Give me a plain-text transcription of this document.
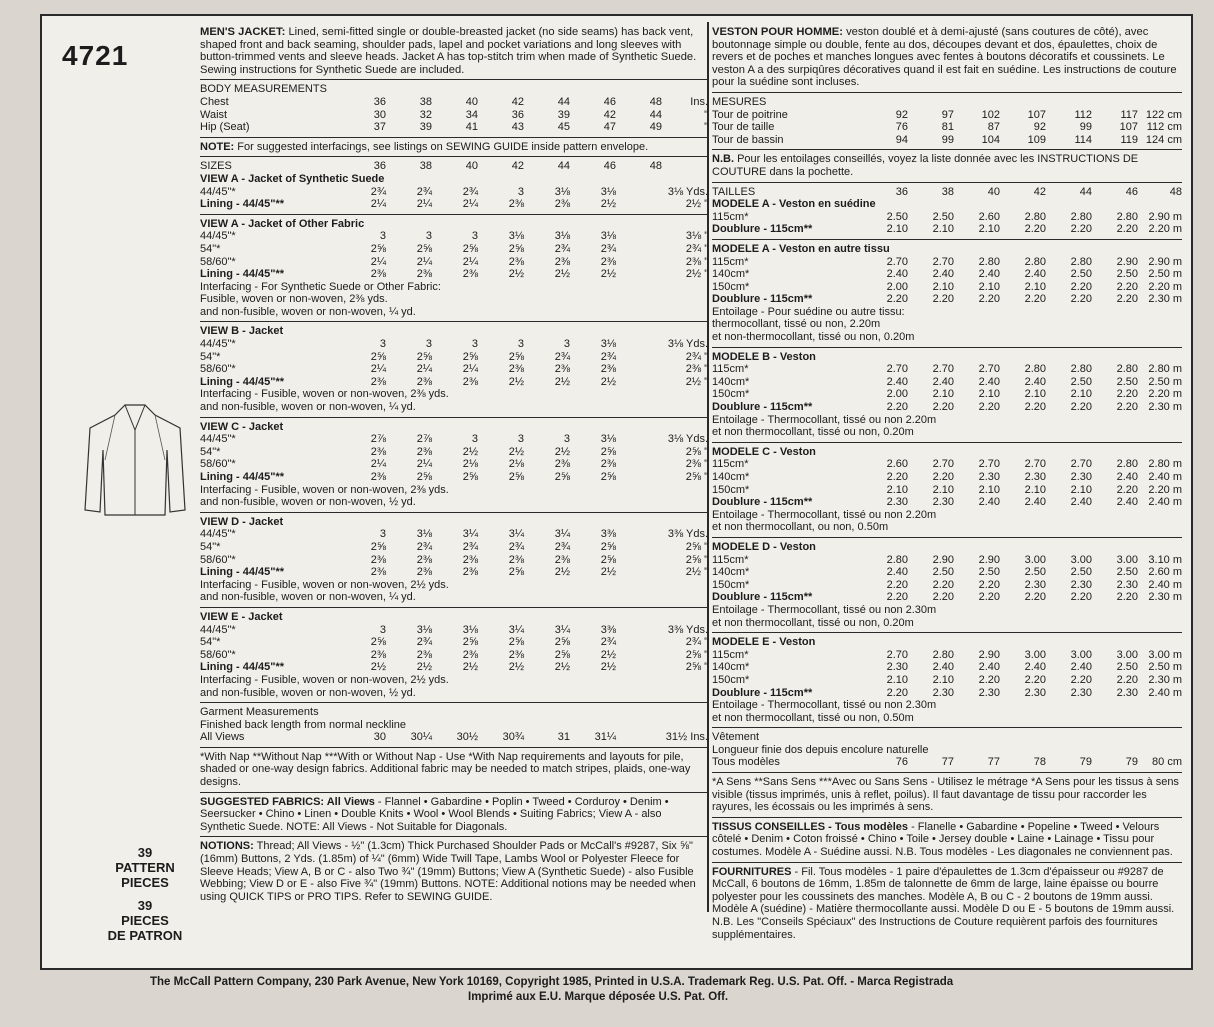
4721
39
PATTERN
PIECES
39
PIECES
DE PATRON
MEN'S JACKET: Lined, semi-fitted single or double-breasted jacket (no side seams) has back vent, shaped front and back seaming, shoulder pads, lapel and pocket variations and long sleeves with button-trimmed vents and sleeve heads. Jacket A has top-stitch trim when made of Synthetic Suede. Sewing instructions for Synthetic Suede are included.
BODY MEASUREMENTS
Chest	36	38	40	42	44	46	48	Ins.
Waist	30	32	34	36	39	42	44	"
Hip (Seat)	37	39	41	43	45	47	49	"
NOTE: For suggested interfacings, see listings on SEWING GUIDE inside pattern envelope.
SIZES	36	38	40	42	44	46	48	
VIEW A - Jacket of Synthetic Suede							
44/45"*	2¾	2¾	2¾	3	3⅛	3⅛	3⅛ Yds.
Lining - 44/45"**	2¼	2¼	2¼	2⅜	2⅜	2½	2½ "
VIEW A - Jacket of Other Fabric							
44/45"*	3	3	3	3⅛	3⅛	3⅛	3⅛ "
54"*	2⅝	2⅝	2⅝	2⅝	2¾	2¾	2¾ "
58/60"*	2¼	2¼	2¼	2⅜	2⅜	2⅜	2⅜ "
Lining - 44/45"**	2⅜	2⅜	2⅜	2½	2½	2½	2½ "
Interfacing - For Synthetic Suede or Other Fabric:
Fusible, woven or non-woven, 2⅜ yds.
and non-fusible, woven or non-woven, ¼ yd.
VIEW B - Jacket							
44/45"*	3	3	3	3	3	3⅛	3⅛ Yds.
54"*	2⅝	2⅝	2⅝	2⅝	2¾	2¾	2¾ "
58/60"*	2¼	2¼	2¼	2⅜	2⅜	2⅜	2⅜ "
Lining - 44/45"**	2⅜	2⅜	2⅜	2½	2½	2½	2½ "
Interfacing - Fusible, woven or non-woven, 2⅜ yds.
and non-fusible, woven or non-woven, ¼ yd.
VIEW C - Jacket							
44/45"*	2⅞	2⅞	3	3	3	3⅛	3⅛ Yds.
54"*	2⅜	2⅜	2½	2½	2½	2⅝	2⅝ "
58/60"*	2¼	2¼	2⅛	2⅛	2⅜	2⅜	2⅜ "
Lining - 44/45"**	2⅜	2⅝	2⅝	2⅝	2⅝	2⅝	2⅝ "
Interfacing - Fusible, woven or non-woven, 2⅜ yds.
and non-fusible, woven or non-woven, ½ yd.
VIEW D - Jacket							
44/45"*	3	3⅛	3¼	3¼	3¼	3⅜	3⅜ Yds.
54"*	2⅝	2¾	2¾	2¾	2¾	2⅝	2⅝ "
58/60"*	2⅜	2⅜	2⅜	2⅜	2⅜	2⅝	2⅝ "
Lining - 44/45"**	2⅜	2⅜	2⅜	2⅝	2½	2½	2½ "
Interfacing - Fusible, woven or non-woven, 2½ yds.
and non-fusible, woven or non-woven, ¼ yd.
VIEW E - Jacket							
44/45"*	3	3⅛	3⅛	3¼	3¼	3⅜	3⅜ Yds.
54"*	2⅝	2¾	2⅝	2⅝	2⅝	2¾	2¾ "
58/60"*	2⅜	2⅜	2⅜	2⅜	2⅝	2½	2⅝ "
Lining - 44/45"**	2½	2½	2½	2½	2½	2½	2⅝ "
Interfacing - Fusible, woven or non-woven, 2½ yds.
and non-fusible, woven or non-woven, ½ yd.
Garment Measurements
Finished back length from normal neckline
All Views	30	30¼	30½	30¾	31	31¼	31½ Ins.
*With Nap **Without Nap ***With or Without Nap - Use *With Nap requirements and layouts for pile, shaded or one-way design fabrics. Additional fabric may be needed to match stripes, plaids, one-way designs.
SUGGESTED FABRICS: All Views - Flannel • Gabardine • Poplin • Tweed • Corduroy • Denim • Seersucker • Chino • Linen • Double Knits • Wool • Wool Blends • Suiting Fabrics; View A - also Synthetic Suede. NOTE: All Views - Not Suitable for Diagonals.
NOTIONS: Thread; All Views - ½" (1.3cm) Thick Purchased Shoulder Pads or McCall's #9287, Six ⅝" (16mm) Buttons, 2 Yds. (1.85m) of ¼" (6mm) Wide Twill Tape, Lambs Wool or Polyester Fleece for Sleeve Heads; View A, B or C - also Two ¾" (19mm) Buttons; View A (Synthetic Suede) - also Fusible Webbing; View D or E - also Five ¾" (19mm) Buttons. NOTE: Additional notions may be needed when using QUICK TIPS or PRO TIPS. Refer to SEWING GUIDE.
VESTON POUR HOMME: veston doublé et à demi-ajusté (sans coutures de côté), avec boutonnage simple ou double, fente au dos, découpes devant et dos, épaulettes, choix de revers et de poches et manches longues avec fentes à boutons décoratifs et coussinets. Le veston A a des surpiqûres décoratives quand il est fait en suédine. Les instructions de couture pour la suédine sont incluses.
MESURES
Tour de poitrine	92	97	102	107	112	117	122 cm
Tour de taille	76	81	87	92	99	107	112 cm
Tour de bassin	94	99	104	109	114	119	124 cm
N.B. Pour les entoilages conseillés, voyez la liste donnée avec les INSTRUCTIONS DE COUTURE dans la pochette.
TAILLES	36	38	40	42	44	46	48
MODELE A - Veston en suédine							
115cm*	2.50	2.50	2.60	2.80	2.80	2.80	2.90 m
Doublure - 115cm**	2.10	2.10	2.10	2.20	2.20	2.20	2.20 m
MODELE A - Veston en autre tissu							
115cm*	2.70	2.70	2.80	2.80	2.80	2.90	2.90 m
140cm*	2.40	2.40	2.40	2.40	2.50	2.50	2.50 m
150cm*	2.00	2.10	2.10	2.10	2.20	2.20	2.20 m
Doublure - 115cm**	2.20	2.20	2.20	2.20	2.20	2.20	2.30 m
Entoilage - Pour suédine ou autre tissu:
thermocollant, tissé ou non, 2.20m
et non-thermocollant, tissé ou non, 0.20m
MODELE B - Veston							
115cm*	2.70	2.70	2.70	2.80	2.80	2.80	2.80 m
140cm*	2.40	2.40	2.40	2.40	2.50	2.50	2.50 m
150cm*	2.00	2.10	2.10	2.10	2.10	2.20	2.20 m
Doublure - 115cm**	2.20	2.20	2.20	2.20	2.20	2.20	2.30 m
Entoilage - Thermocollant, tissé ou non 2.20m
et non thermocollant, tissé ou non, 0.20m
MODELE C - Veston							
115cm*	2.60	2.70	2.70	2.70	2.70	2.80	2.80 m
140cm*	2.20	2.20	2.30	2.30	2.30	2.40	2.40 m
150cm*	2.10	2.10	2.10	2.10	2.10	2.20	2.20 m
Doublure - 115cm**	2.30	2.30	2.40	2.40	2.40	2.40	2.40 m
Entoilage - Thermocollant, tissé ou non 2.20m
et non thermocollant, ou non, 0.50m
MODELE D - Veston							
115cm*	2.80	2.90	2.90	3.00	3.00	3.00	3.10 m
140cm*	2.40	2.50	2.50	2.50	2.50	2.50	2.60 m
150cm*	2.20	2.20	2.20	2.30	2.30	2.30	2.40 m
Doublure - 115cm**	2.20	2.20	2.20	2.20	2.20	2.20	2.30 m
Entoilage - Thermocollant, tissé ou non 2.30m
et non thermocollant, tissé ou non, 0.20m
MODELE E - Veston							
115cm*	2.70	2.80	2.90	3.00	3.00	3.00	3.00 m
140cm*	2.30	2.40	2.40	2.40	2.40	2.50	2.50 m
150cm*	2.10	2.10	2.20	2.20	2.20	2.20	2.30 m
Doublure - 115cm**	2.20	2.30	2.30	2.30	2.30	2.30	2.40 m
Entoilage - Thermocollant, tissé ou non 2.30m
et non thermocollant, tissé ou non, 0.50m
Vêtement
Longueur finie dos depuis encolure naturelle
Tous modèles	76	77	77	78	79	79	80 cm
*A Sens **Sans Sens ***Avec ou Sans Sens - Utilisez le métrage *A Sens pour les tissus à sens visible (tissus imprimés, unis à reflet, poilus). Il faut davantage de tissu pour raccorder les rayures, les écossais ou les imprimés à sens.
TISSUS CONSEILLES - Tous modèles - Flanelle • Gabardine • Popeline • Tweed • Velours côtelé • Denim • Coton froissé • Chino • Toile • Jersey double • Laine • Lainage • Tissu pour costumes. Modèle A - Suédine aussi. N.B. Tous modèles - Les diagonales ne conviennent pas.
FOURNITURES - Fil. Tous modèles - 1 paire d'épaulettes de 1.3cm d'épaisseur ou #9287 de McCall, 6 boutons de 16mm, 1.85m de talonnette de 6mm de large, laine épaisse ou bourre polyester pour les coussinets des manches. Modèle A, B ou C - 2 boutons de 19mm aussi. Modèle A (suédine) - Matière thermocollante aussi. Modèle D ou E - 5 boutons de 19mm aussi. N.B. Les "Conseils Spéciaux" des Instructions de Couture requièrent parfois des fournitures supplémentaires.
The McCall Pattern Company, 230 Park Avenue, New York 10169, Copyright 1985, Printed in U.S.A. Trademark Reg. U.S. Pat. Off. - Marca Registrada
Imprimé aux E.U. Marque déposée U.S. Pat. Off.
